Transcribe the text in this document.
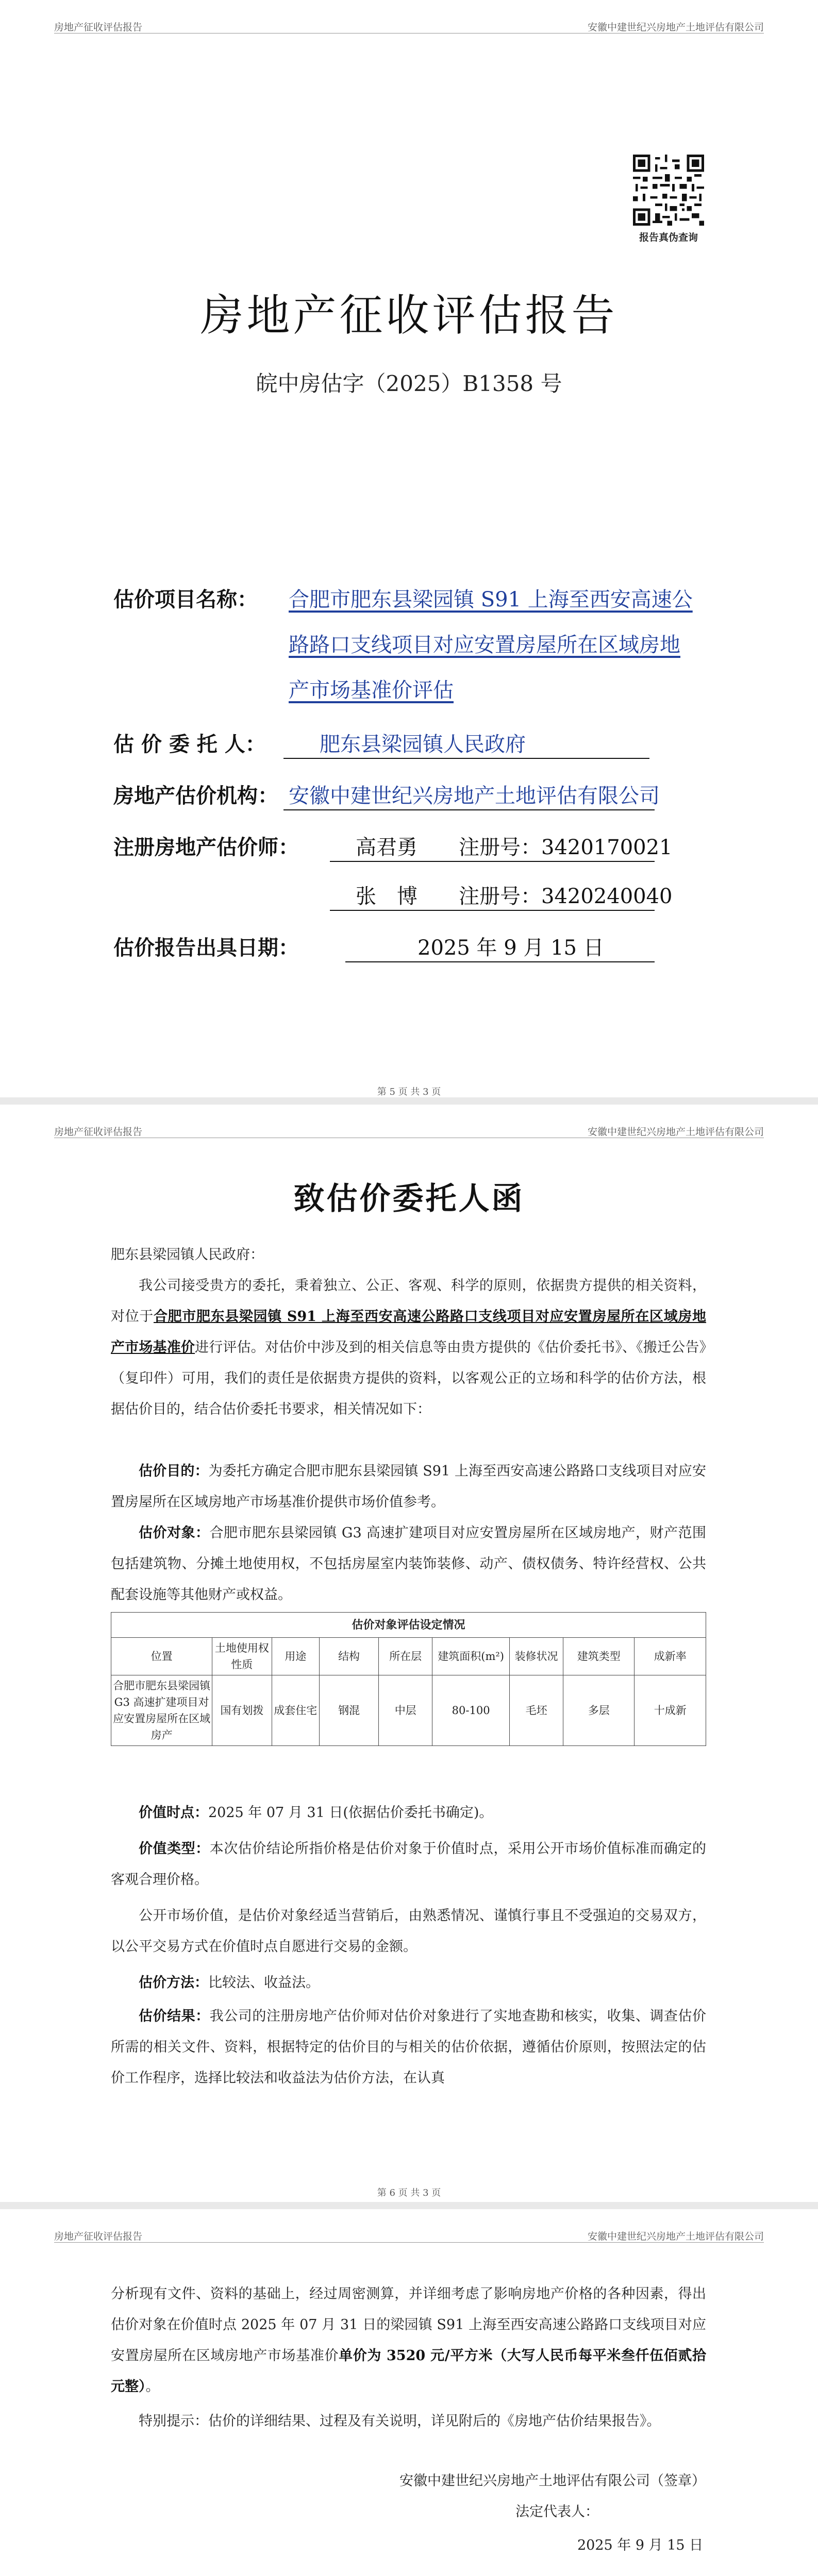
房地产征收评估报告	安徽中建世纪兴房地产土地评估有限公司
报告真伪查询
房地产征收评估报告
皖中房估字（2025）B1358 号
估价项目名称： 合肥市肥东县梁园镇 S91 上海至西安高速公
路路口支线项目对应安置房屋所在区域房地
产市场基准价评估
估 价 委 托 人：	肥东县梁园镇人民政府
房地产估价机构： 安徽中建世纪兴房地产土地评估有限公司
注册房地产估价师：	高君勇	注册号：3420170021
张　博	注册号：3420240040
估价报告出具日期：	2025 年 9 月 15 日
第 5 页 共 3 页
房地产征收评估报告	安徽中建世纪兴房地产土地评估有限公司
致估价委托人函
肥东县梁园镇人民政府：
我公司接受贵方的委托，秉着独立、公正、客观、科学的原则，依据贵方提供的相关资料，对位于合肥市肥东县梁园镇 S91 上海至西安高速公路路口支线项目对应安置房屋所在区域房地产市场基准价进行评估。对估价中涉及到的相关信息等由贵方提供的《估价委托书》、《搬迁公告》（复印件）可用，我们的责任是依据贵方提供的资料，以客观公正的立场和科学的估价方法，根据估价目的，结合估价委托书要求，相关情况如下：
估价目的：为委托方确定合肥市肥东县梁园镇 S91 上海至西安高速公路路口支线项目对应安置房屋所在区域房地产市场基准价提供市场价值参考。
估价对象：合肥市肥东县梁园镇 G3 高速扩建项目对应安置房屋所在区域房地产，财产范围包括建筑物、分摊土地使用权，不包括房屋室内装饰装修、动产、债权债务、特许经营权、公共配套设施等其他财产或权益。
估价对象评估设定情况								
位置	土地使用权性质	用途	结构	所在层	建筑面积(m²)	装修状况	建筑类型	成新率
合肥市肥东县梁园镇 G3 高速扩建项目对应安置房屋所在区域房产	国有划拨	成套住宅	钢混	中层	80-100	毛坯	多层	十成新
价值时点：2025 年 07 月 31 日(依据估价委托书确定)。
价值类型：本次估价结论所指价格是估价对象于价值时点，采用公开市场价值标准而确定的客观合理价格。
公开市场价值，是估价对象经适当营销后，由熟悉情况、谨慎行事且不受强迫的交易双方，以公平交易方式在价值时点自愿进行交易的金额。
估价方法：比较法、收益法。
估价结果：我公司的注册房地产估价师对估价对象进行了实地查勘和核实，收集、调查估价所需的相关文件、资料，根据特定的估价目的与相关的估价依据，遵循估价原则，按照法定的估价工作程序，选择比较法和收益法为估价方法，在认真
第 6 页 共 3 页
房地产征收评估报告	安徽中建世纪兴房地产土地评估有限公司
分析现有文件、资料的基础上，经过周密测算，并详细考虑了影响房地产价格的各种因素，得出估价对象在价值时点 2025 年 07 月 31 日的梁园镇 S91 上海至西安高速公路路口支线项目对应安置房屋所在区域房地产市场基准价单价为 3520 元/平方米（大写人民币每平米叁仟伍佰贰拾元整）。
特别提示：估价的详细结果、过程及有关说明，详见附后的《房地产估价结果报告》。
安徽中建世纪兴房地产土地评估有限公司（签章）
法定代表人：
2025 年 9 月 15 日
